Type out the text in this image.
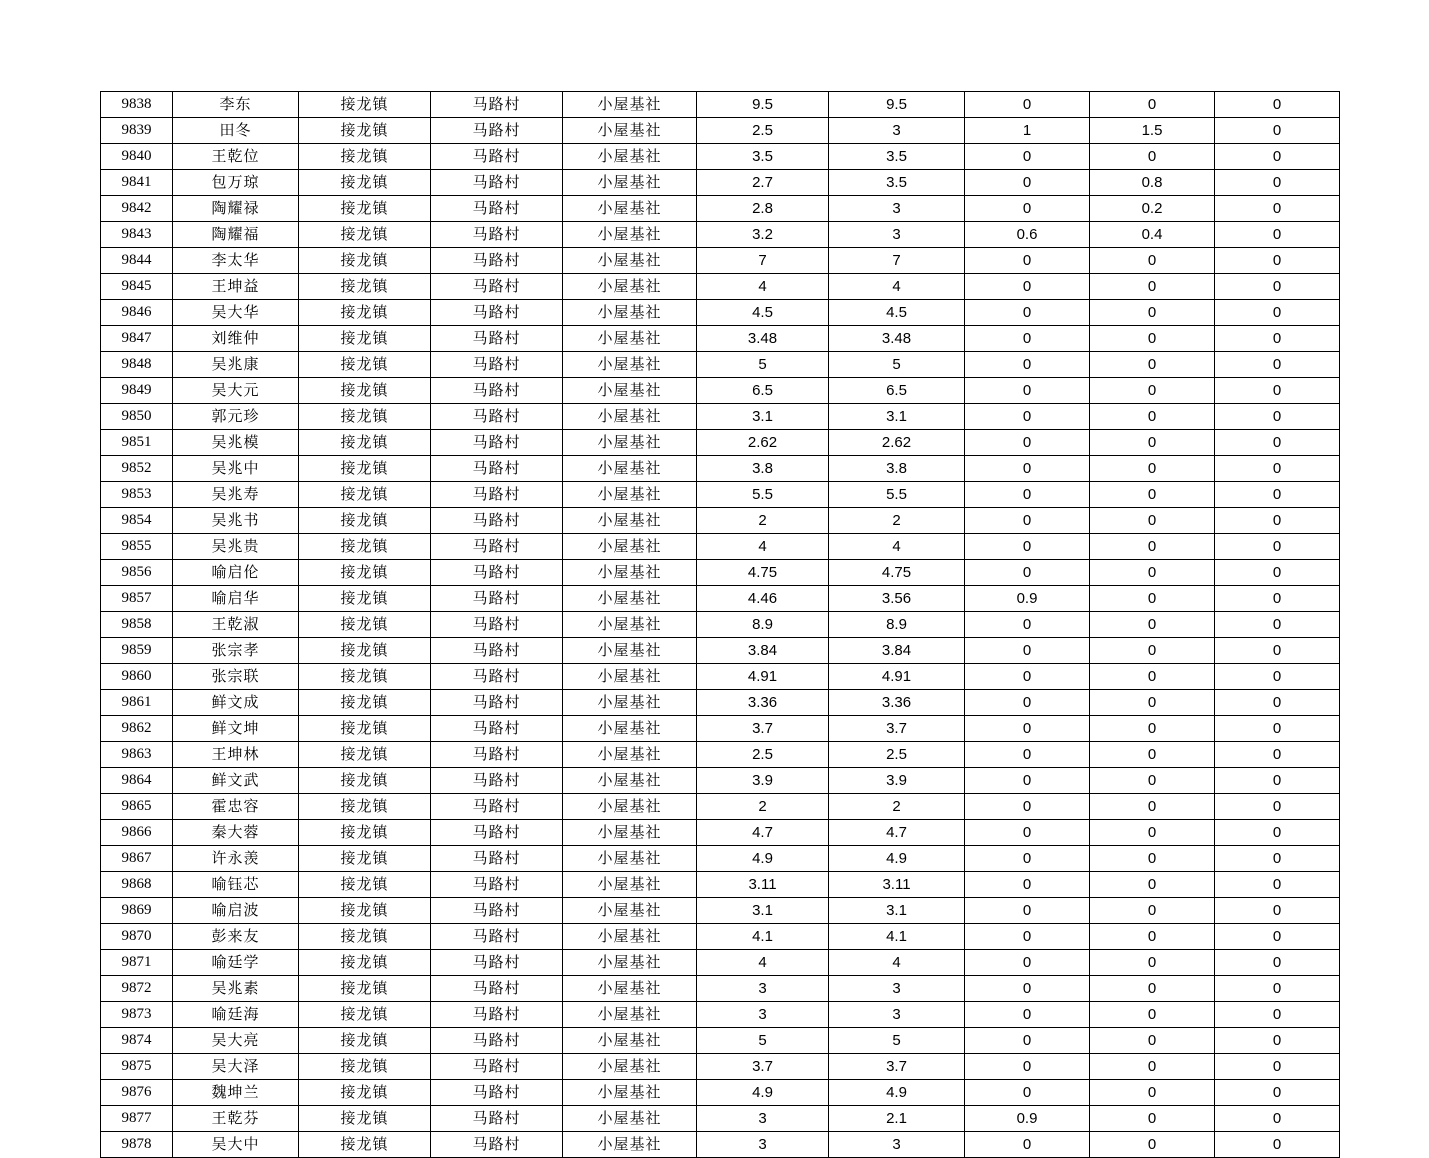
9838	李东	接龙镇	马路村	小屋基社	9.5	9.5	0	0	0
9839	田冬	接龙镇	马路村	小屋基社	2.5	3	1	1.5	0
9840	王乾位	接龙镇	马路村	小屋基社	3.5	3.5	0	0	0
9841	包万琼	接龙镇	马路村	小屋基社	2.7	3.5	0	0.8	0
9842	陶耀禄	接龙镇	马路村	小屋基社	2.8	3	0	0.2	0
9843	陶耀福	接龙镇	马路村	小屋基社	3.2	3	0.6	0.4	0
9844	李太华	接龙镇	马路村	小屋基社	7	7	0	0	0
9845	王坤益	接龙镇	马路村	小屋基社	4	4	0	0	0
9846	吴大华	接龙镇	马路村	小屋基社	4.5	4.5	0	0	0
9847	刘维仲	接龙镇	马路村	小屋基社	3.48	3.48	0	0	0
9848	吴兆康	接龙镇	马路村	小屋基社	5	5	0	0	0
9849	吴大元	接龙镇	马路村	小屋基社	6.5	6.5	0	0	0
9850	郭元珍	接龙镇	马路村	小屋基社	3.1	3.1	0	0	0
9851	吴兆模	接龙镇	马路村	小屋基社	2.62	2.62	0	0	0
9852	吴兆中	接龙镇	马路村	小屋基社	3.8	3.8	0	0	0
9853	吴兆寿	接龙镇	马路村	小屋基社	5.5	5.5	0	0	0
9854	吴兆书	接龙镇	马路村	小屋基社	2	2	0	0	0
9855	吴兆贵	接龙镇	马路村	小屋基社	4	4	0	0	0
9856	喻启伦	接龙镇	马路村	小屋基社	4.75	4.75	0	0	0
9857	喻启华	接龙镇	马路村	小屋基社	4.46	3.56	0.9	0	0
9858	王乾淑	接龙镇	马路村	小屋基社	8.9	8.9	0	0	0
9859	张宗孝	接龙镇	马路村	小屋基社	3.84	3.84	0	0	0
9860	张宗联	接龙镇	马路村	小屋基社	4.91	4.91	0	0	0
9861	鲜文成	接龙镇	马路村	小屋基社	3.36	3.36	0	0	0
9862	鲜文坤	接龙镇	马路村	小屋基社	3.7	3.7	0	0	0
9863	王坤林	接龙镇	马路村	小屋基社	2.5	2.5	0	0	0
9864	鲜文武	接龙镇	马路村	小屋基社	3.9	3.9	0	0	0
9865	霍忠容	接龙镇	马路村	小屋基社	2	2	0	0	0
9866	秦大蓉	接龙镇	马路村	小屋基社	4.7	4.7	0	0	0
9867	许永羡	接龙镇	马路村	小屋基社	4.9	4.9	0	0	0
9868	喻钰芯	接龙镇	马路村	小屋基社	3.11	3.11	0	0	0
9869	喻启波	接龙镇	马路村	小屋基社	3.1	3.1	0	0	0
9870	彭来友	接龙镇	马路村	小屋基社	4.1	4.1	0	0	0
9871	喻廷学	接龙镇	马路村	小屋基社	4	4	0	0	0
9872	吴兆素	接龙镇	马路村	小屋基社	3	3	0	0	0
9873	喻廷海	接龙镇	马路村	小屋基社	3	3	0	0	0
9874	吴大亮	接龙镇	马路村	小屋基社	5	5	0	0	0
9875	吴大泽	接龙镇	马路村	小屋基社	3.7	3.7	0	0	0
9876	魏坤兰	接龙镇	马路村	小屋基社	4.9	4.9	0	0	0
9877	王乾芬	接龙镇	马路村	小屋基社	3	2.1	0.9	0	0
9878	吴大中	接龙镇	马路村	小屋基社	3	3	0	0	0
